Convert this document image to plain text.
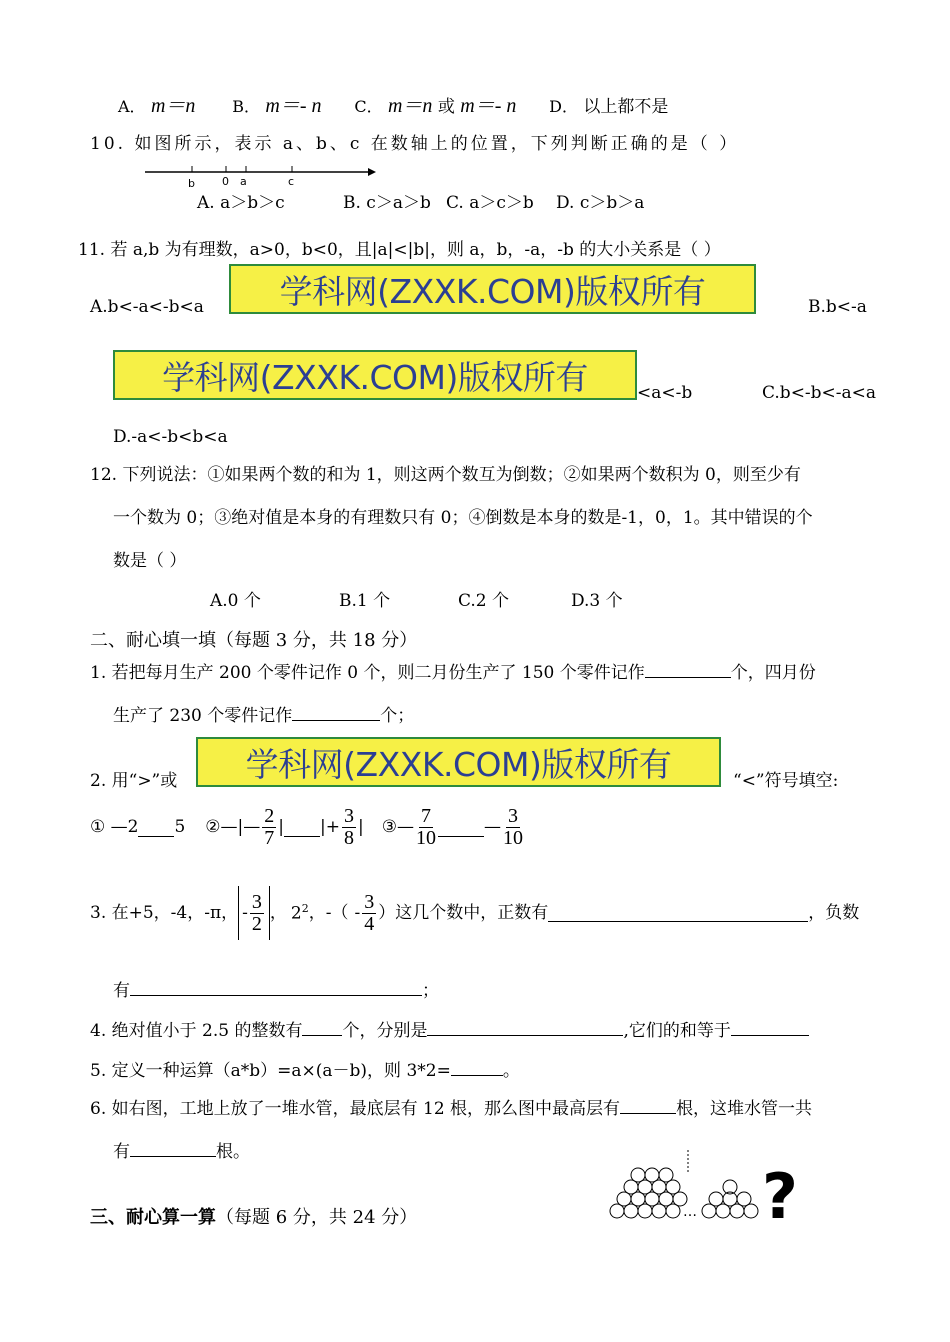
A． m＝n B． m＝- n C． m＝n 或 m＝- n D． 以上都不是
10. 如图所示，表示 a、b、c 在数轴上的位置，下列判断正确的是（ ）
b 0 a	c
A. a＞b＞c	B. c＞a＞b C. a＞c＞b D. c＞b＞a
11. 若 a,b 为有理数，a>0，b<0，且|a|<|b|，则 a，b，-a，-b 的大小关系是（ ）
A.b<-a<-b<a	学科网(ZXXK.COM)版权所有	B.b<-a
学科网(ZXXK.COM)版权所有	<a<-b	C.b<-b<-a<a
D.-a<-b<b<a
12. 下列说法：①如果两个数的和为 1，则这两个数互为倒数；②如果两个数积为 0，则至少有
一个数为 0；③绝对值是本身的有理数只有 0；④倒数是本身的数是-1，0，1。其中错误的个
数是（ ）
A.0 个	B.1 个	C.2 个	D.3 个
二、耐心填一填（每题 3 分，共 18 分）
1. 若把每月生产 200 个零件记作 0 个，则二月份生产了 150 个零件记作	个，四月份
生产了 230 个零件记作	个；
2. 用“>”或	学科网(ZXXK.COM)版权所有	“<”符号填空:
① —2 5 ②—|— $\frac{2}{7}$ | |+ $\frac{3}{8}$ | ③— $\frac{7}{10}$	— $\frac{3}{10}$
3. 在+5，-4，-π， - $\frac{3}{2}$ ， $2^2$ ，-（ - $\frac{3}{4}$ ）这几个数中，正数有	，负数
有	；
4. 绝对值小于 2.5 的整数有 个，分别是	,它们的和等于
5. 定义一种运算（a*b）=a×(a－b)，则 3*2=	。
6. 如右图，工地上放了一堆水管，最底层有 12 根，那么图中最高层有	根，这堆水管一共
有	根。
… ?
三、耐心算一算（每题 6 分，共 24 分）
